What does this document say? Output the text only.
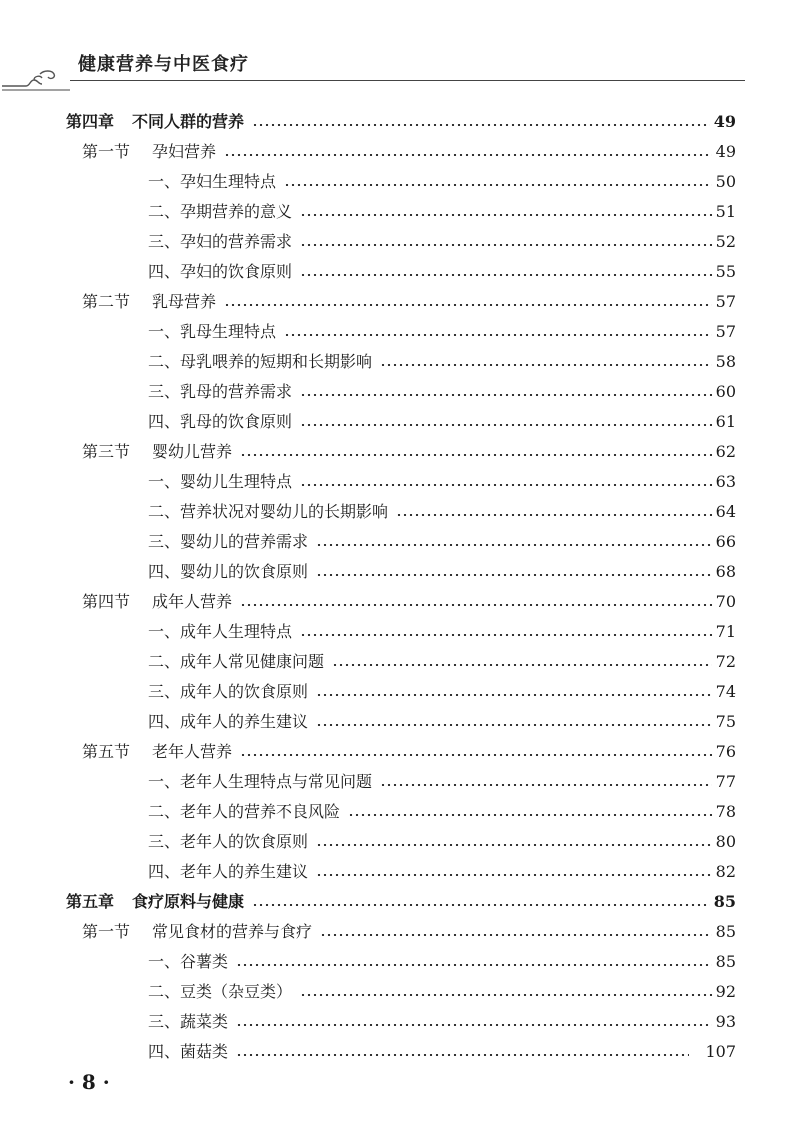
健康营养与中医食疗
第四章 不同人群的营养	49
第一节 孕妇营养	49
一、孕妇生理特点	50
二、孕期营养的意义	51
三、孕妇的营养需求	52
四、孕妇的饮食原则	55
第二节 乳母营养	57
一、乳母生理特点	57
二、母乳喂养的短期和长期影响	58
三、乳母的营养需求	60
四、乳母的饮食原则	61
第三节 婴幼儿营养	62
一、婴幼儿生理特点	63
二、营养状况对婴幼儿的长期影响	64
三、婴幼儿的营养需求	66
四、婴幼儿的饮食原则	68
第四节 成年人营养	70
一、成年人生理特点	71
二、成年人常见健康问题	72
三、成年人的饮食原则	74
四、成年人的养生建议	75
第五节 老年人营养	76
一、老年人生理特点与常见问题	77
二、老年人的营养不良风险	78
三、老年人的饮食原则	80
四、老年人的养生建议	82
第五章 食疗原料与健康	85
第一节 常见食材的营养与食疗	85
一、谷薯类	85
二、豆类（杂豆类）	92
三、蔬菜类	93
四、菌菇类	107
· 8 ·
